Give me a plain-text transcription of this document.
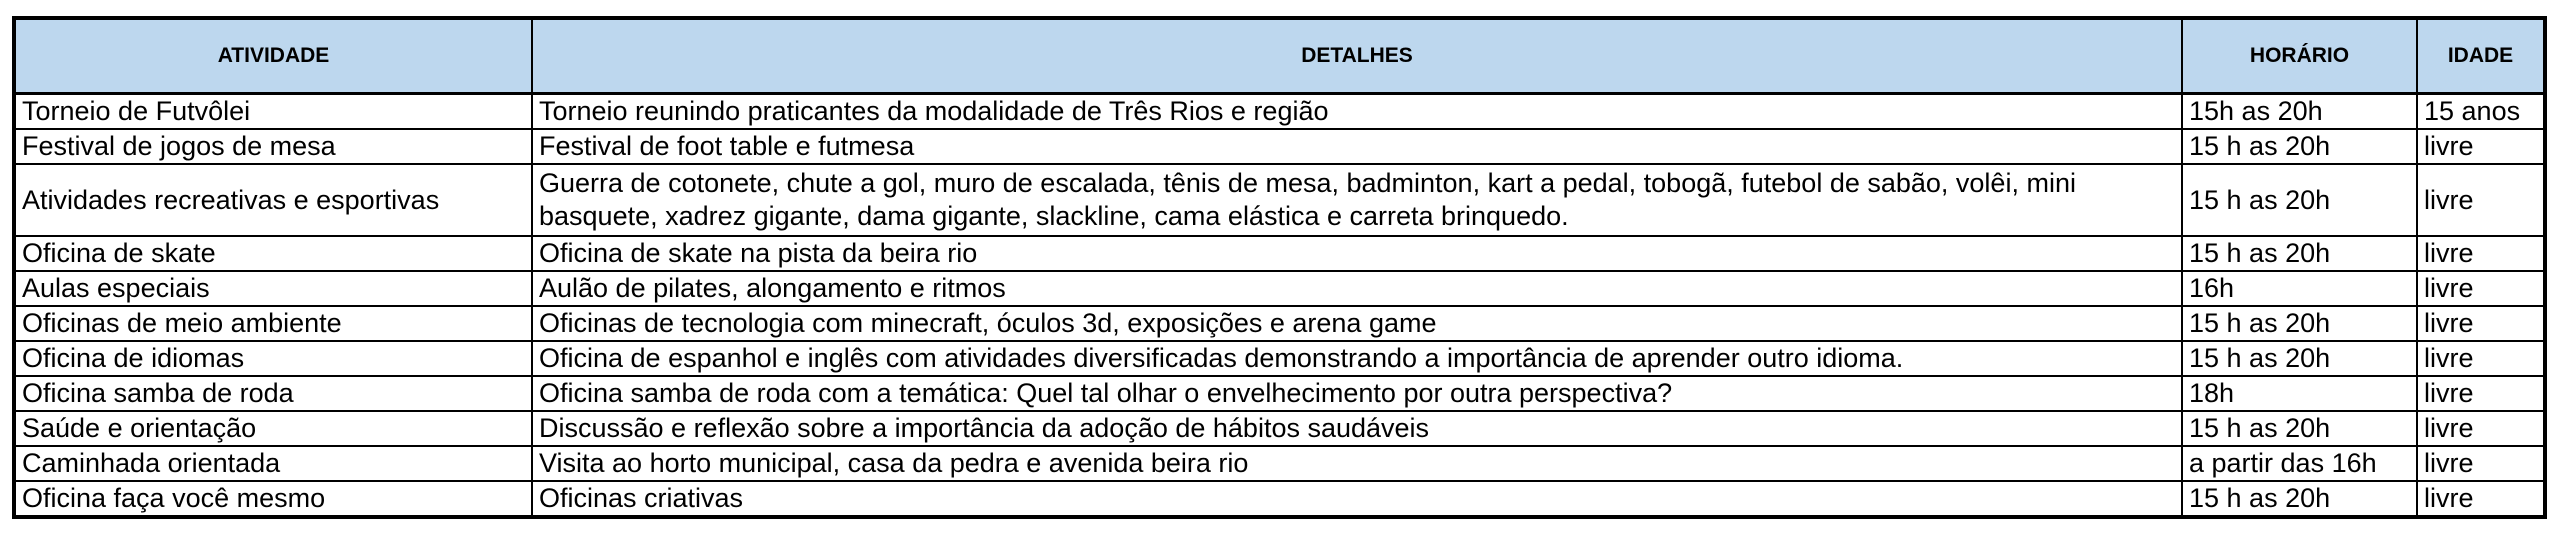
ATIVIDADE	DETALHES	HORÁRIO	IDADE
Torneio de Futvôlei	Torneio reunindo praticantes da modalidade de Três Rios e região	15h as 20h	15 anos
Festival de jogos de mesa	Festival de foot table e futmesa	15 h as 20h	livre
Atividades recreativas e esportivas	Guerra de cotonete, chute a gol, muro de escalada, tênis de mesa, badminton, kart a pedal, tobogã, futebol de sabão, volêi, mini basquete, xadrez gigante, dama gigante, slackline, cama elástica e carreta brinquedo.	15 h as 20h	livre
Oficina de skate	Oficina de skate na pista da beira rio	15 h as 20h	livre
Aulas especiais	Aulão de pilates, alongamento e ritmos	16h	livre
Oficinas de meio ambiente	Oficinas de tecnologia com minecraft, óculos 3d, exposições e arena game	15 h as 20h	livre
Oficina de idiomas	Oficina de espanhol e inglês com atividades diversificadas demonstrando a importância de aprender outro idioma.	15 h as 20h	livre
Oficina samba de roda	Oficina samba de roda com a temática: Quel tal olhar o envelhecimento por outra perspectiva?	18h	livre
Saúde e orientação	Discussão e reflexão sobre a importância da adoção de hábitos saudáveis	15 h as 20h	livre
Caminhada orientada	Visita ao horto municipal, casa da pedra e avenida beira rio	a partir das 16h	livre
Oficina faça você mesmo	Oficinas criativas	15 h as 20h	livre
